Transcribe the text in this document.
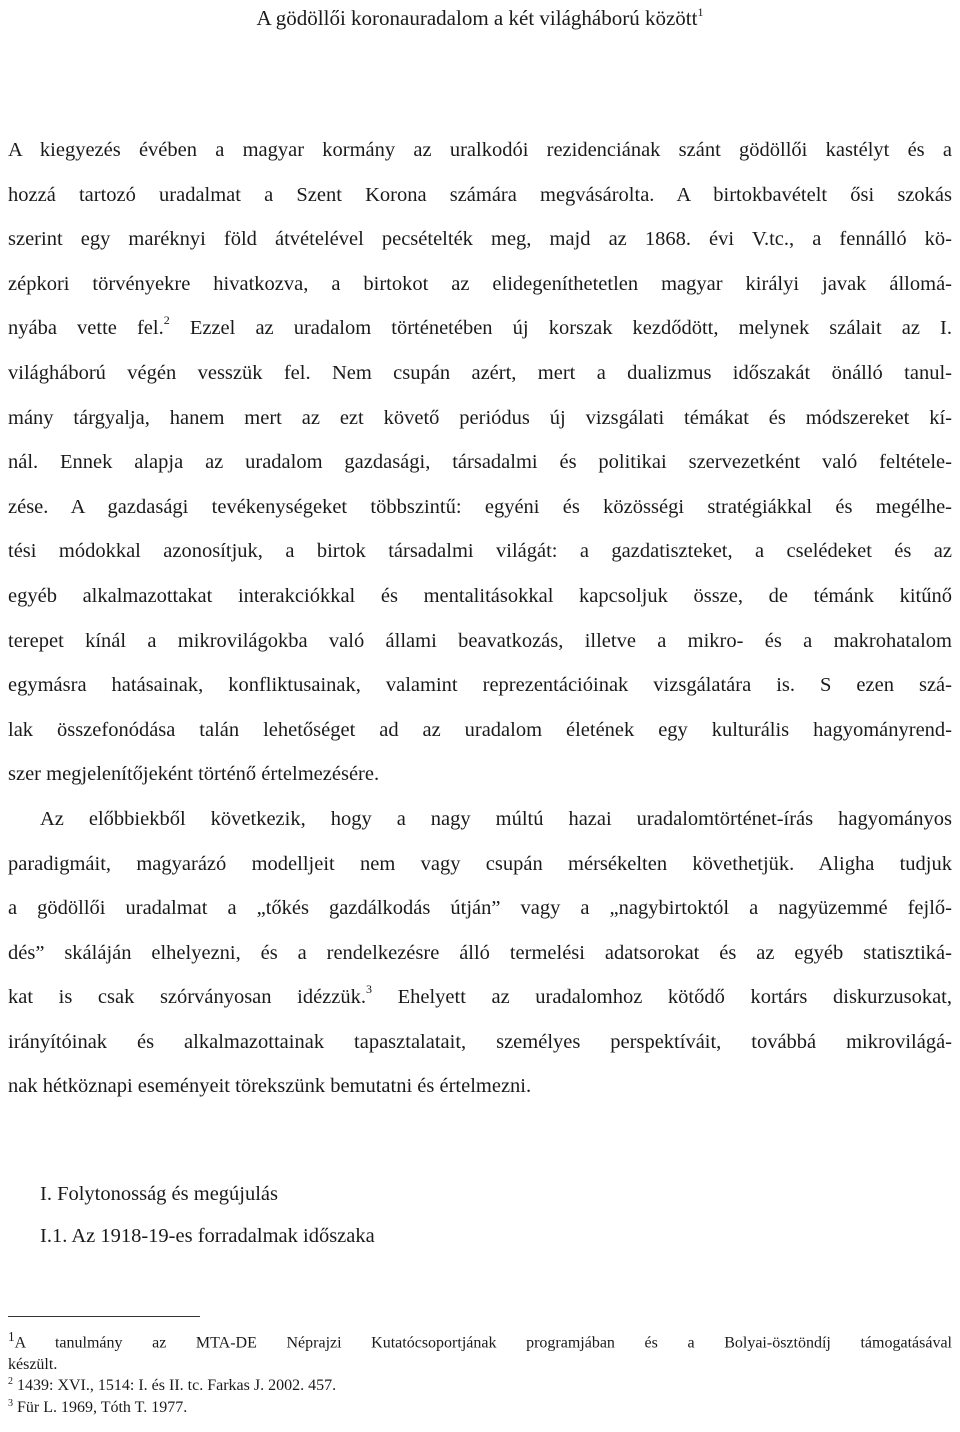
A gödöllői koronauradalom a két világháború között$^1$
A kiegyezés évében a magyar kormány az uralkodói rezidenciának szánt gödöllői kastélyt és a
hozzá tartozó uradalmat a Szent Korona számára megvásárolta. A birtokbavételt ősi szokás
szerint egy maréknyi föld átvételével pecsételték meg, majd az 1868. évi V.tc., a fennálló kö-
zépkori törvényekre hivatkozva, a birtokot az elidegeníthetetlen magyar királyi javak állomá-
nyába vette fel.$^2$ Ezzel az uradalom történetében új korszak kezdődött, melynek szálait az I.
világháború végén vesszük fel. Nem csupán azért, mert a dualizmus időszakát önálló tanul-
mány tárgyalja, hanem mert az ezt követő periódus új vizsgálati témákat és módszereket kí-
nál. Ennek alapja az uradalom gazdasági, társadalmi és politikai szervezetként való feltétele-
zése. A gazdasági tevékenységeket többszintű: egyéni és közösségi stratégiákkal és megélhe-
tési módokkal azonosítjuk, a birtok társadalmi világát: a gazdatiszteket, a cselédeket és az
egyéb alkalmazottakat interakciókkal és mentalitásokkal kapcsoljuk össze, de témánk kitűnő
terepet kínál a mikrovilágokba való állami beavatkozás, illetve a mikro- és a makrohatalom
egymásra hatásainak, konfliktusainak, valamint reprezentációinak vizsgálatára is. S ezen szá-
lak összefonódása talán lehetőséget ad az uradalom életének egy kulturális hagyományrend-
szer megjelenítőjeként történő értelmezésére.
Az előbbiekből következik, hogy a nagy múltú hazai uradalomtörténet-írás hagyományos
paradigmáit, magyarázó modelljeit nem vagy csupán mérsékelten követhetjük. Aligha tudjuk
a gödöllői uradalmat a „tőkés gazdálkodás útján” vagy a „nagybirtoktól a nagyüzemmé fejlő-
dés” skáláján elhelyezni, és a rendelkezésre álló termelési adatsorokat és az egyéb statisztiká-
kat is csak szórványosan idézzük.$^3$ Ehelyett az uradalomhoz kötődő kortárs diskurzusokat,
irányítóinak és alkalmazottainak tapasztalatait, személyes perspektíváit, továbbá mikrovilágá-
nak hétköznapi eseményeit törekszünk bemutatni és értelmezni.
I. Folytonosság és megújulás
I.1. Az 1918-19-es forradalmak időszaka
$^1$A tanulmány az MTA-DE Néprajzi Kutatócsoportjának programjában és a Bolyai-ösztöndíj támogatásával
készült.
$^2$ 1439: XVI., 1514: I. és II. tc. Farkas J. 2002. 457.
$^3$ Für L. 1969, Tóth T. 1977.
